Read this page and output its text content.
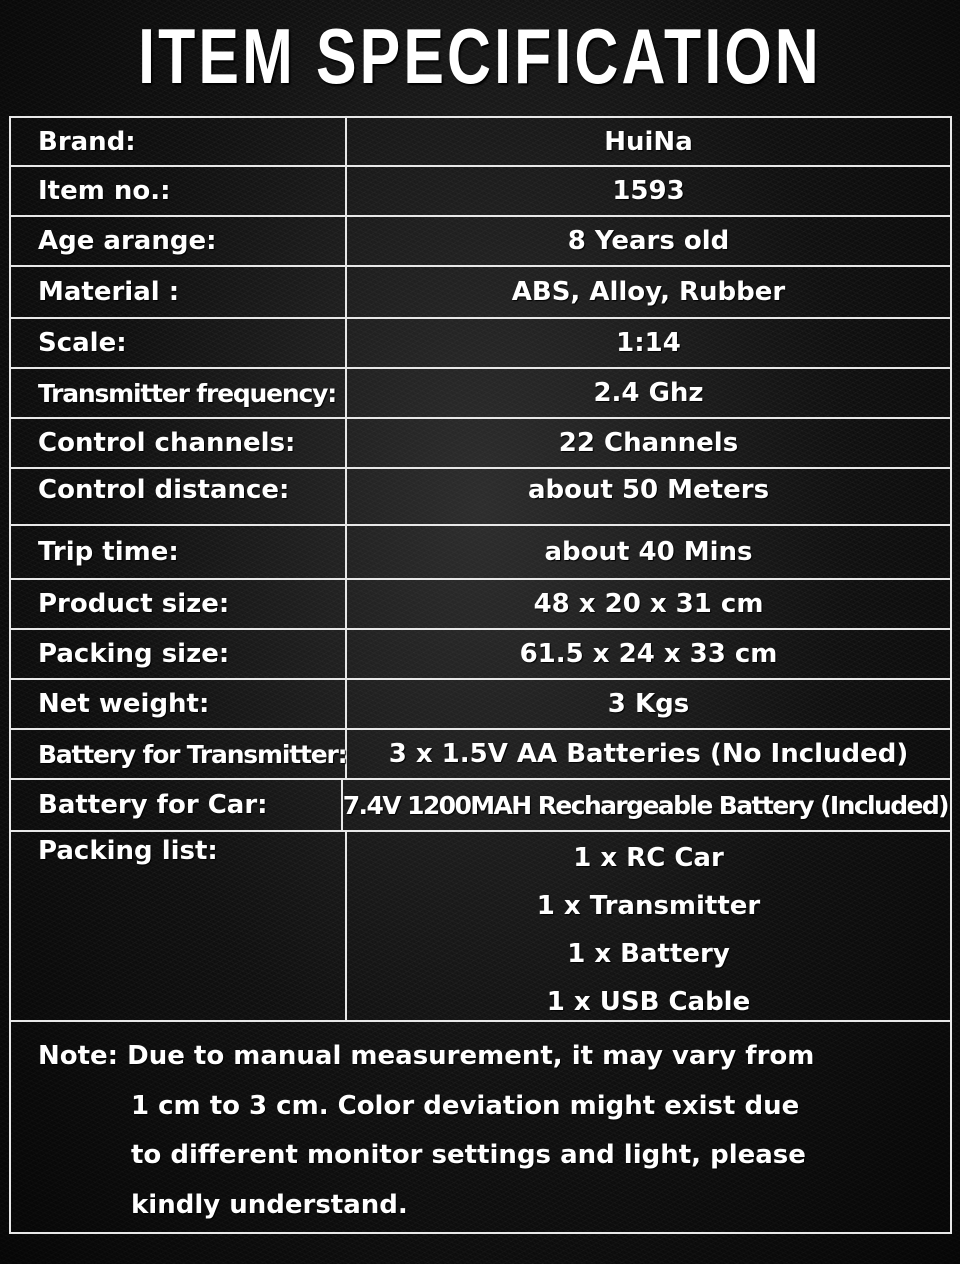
ITEM SPECIFICATION
Brand:	HuiNa
Item no.:	1593
Age arange:	8 Years old
Material :	ABS, Alloy, Rubber
Scale:	1:14
Transmitter frequency:	2.4 Ghz
Control channels:	22 Channels
Control distance:	about 50 Meters
Trip time:	about 40 Mins
Product size:	48 x 20 x 31 cm
Packing size:	61.5 x 24 x 33 cm
Net weight:	3 Kgs
Battery for Transmitter:	3 x 1.5V AA Batteries (No Included)
Battery for Car:	7.4V 1200MAH Rechargeable Battery (Included)
Packing list:	1 x RC Car
1 x Transmitter
1 x Battery
1 x USB Cable
Note: Due to manual measurement, it may vary from
1 cm to 3 cm. Color deviation might exist due
to different monitor settings and light, please
kindly understand.
